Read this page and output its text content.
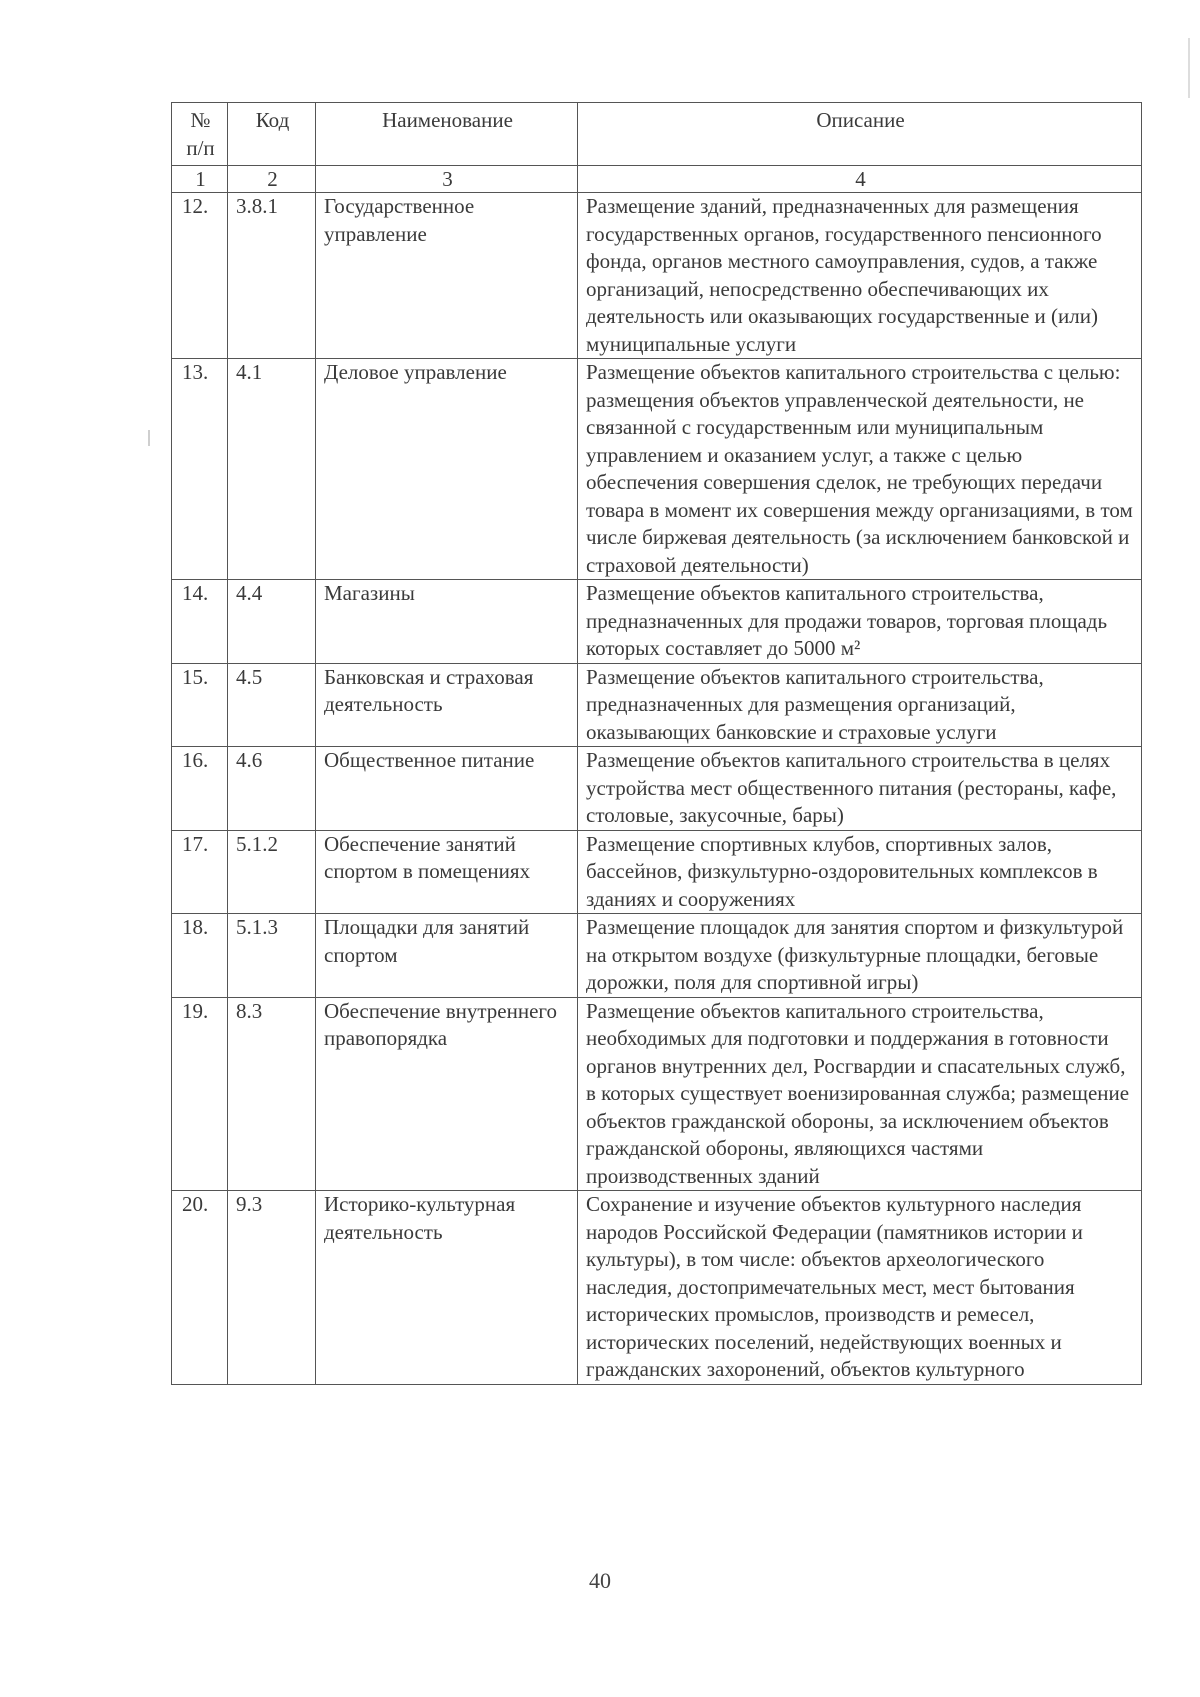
№ п/п	Код	Наименование	Описание
1	2	3	4
12.	3.8.1	Государственное управление	Размещение зданий, предназначенных для размещения государственных органов, государственного пенсионного фонда, органов местного самоуправления, судов, а также организаций, непосредственно обеспечивающих их деятельность или оказывающих государственные и (или) муниципальные услуги
13.	4.1	Деловое управление	Размещение объектов капитального строительства с целью: размещения объектов управленческой деятельности, не связанной с государственным или муниципальным управлением и оказанием услуг, а также с целью обеспечения совершения сделок, не требующих передачи товара в момент их совершения между организациями, в том числе биржевая деятельность (за исключением банковской и страховой деятельности)
14.	4.4	Магазины	Размещение объектов капитального строительства, предназначенных для продажи товаров, торговая площадь которых составляет до 5000 м²
15.	4.5	Банковская и страховая деятельность	Размещение объектов капитального строительства, предназначенных для размещения организаций, оказывающих банковские и страховые услуги
16.	4.6	Общественное питание	Размещение объектов капитального строительства в целях устройства мест общественного питания (рестораны, кафе, столовые, закусочные, бары)
17.	5.1.2	Обеспечение занятий спортом в помещениях	Размещение спортивных клубов, спортивных залов, бассейнов, физкультурно-оздоровительных комплексов в зданиях и сооружениях
18.	5.1.3	Площадки для занятий спортом	Размещение площадок для занятия спортом и физкультурой на открытом воздухе (физкультурные площадки, беговые дорожки, поля для спортивной игры)
19.	8.3	Обеспечение внутреннего правопорядка	Размещение объектов капитального строительства, необходимых для подготовки и поддержания в готовности органов внутренних дел, Росгвардии и спасательных служб, в которых существует военизированная служба; размещение объектов гражданской обороны, за исключением объектов гражданской обороны, являющихся частями производственных зданий
20.	9.3	Историко-культурная деятельность	Сохранение и изучение объектов культурного наследия народов Российской Федерации (памятников истории и культуры), в том числе: объектов археологического наследия, достопримечательных мест, мест бытования исторических промыслов, производств и ремесел, исторических поселений, недействующих военных и гражданских захоронений, объектов культурного
40
